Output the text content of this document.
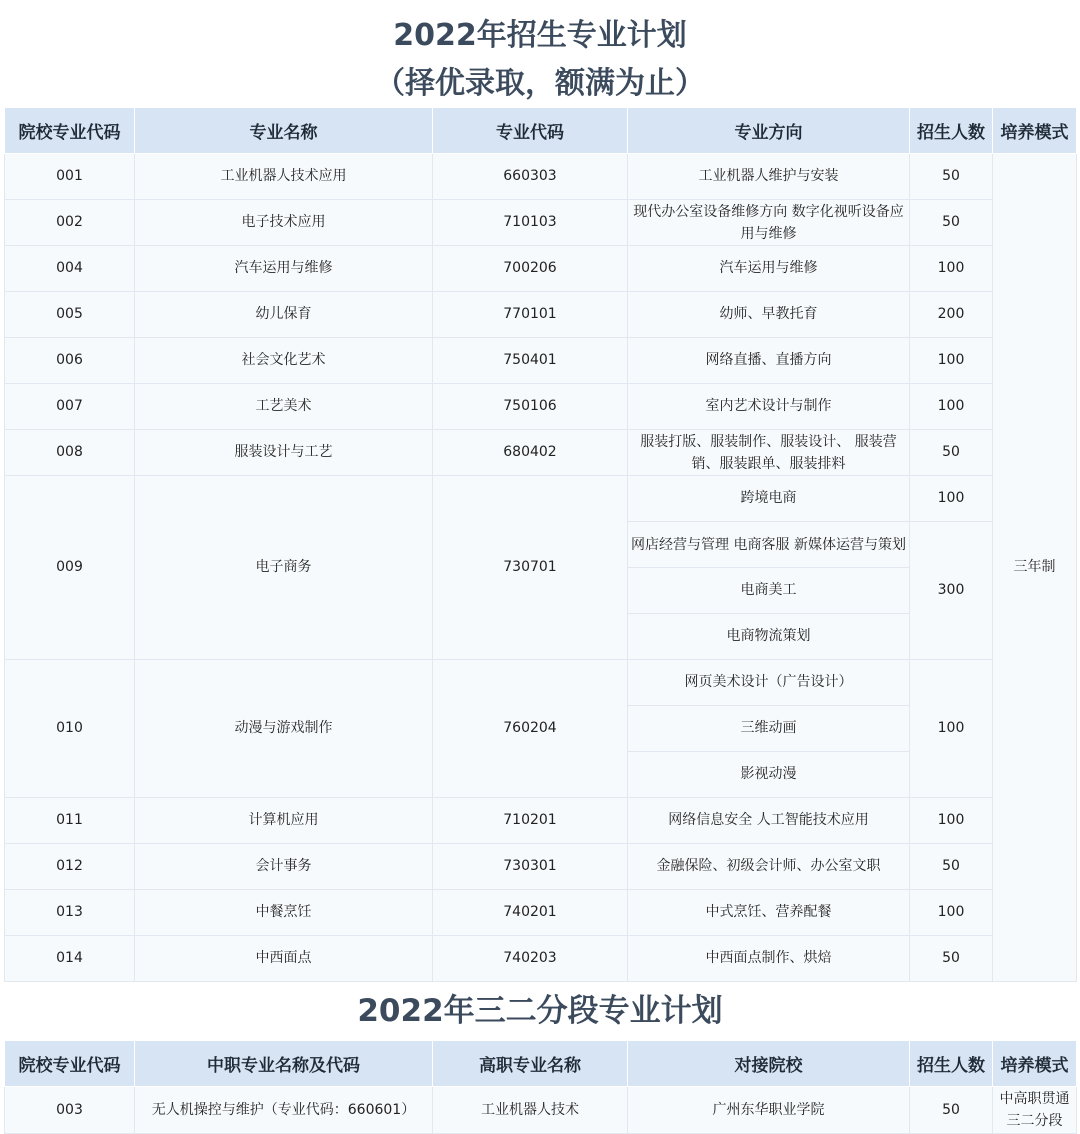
2022年招生专业计划
（择优录取，额满为止）
院校专业代码	专业名称	专业代码	专业方向	招生人数	培养模式
001	工业机器人技术应用	660303	工业机器人维护与安装	50	三年制
002	电子技术应用	710103	现代办公室设备维修方向 数字化视听设备应用与维修	50	
004	汽车运用与维修	700206	汽车运用与维修	100	
005	幼儿保育	770101	幼师、早教托育	200	
006	社会文化艺术	750401	网络直播、直播方向	100	
007	工艺美术	750106	室内艺术设计与制作	100	
008	服装设计与工艺	680402	服装打版、服装制作、服装设计、 服装营销、服装跟单、服装排料	50	
009	电子商务	730701	跨境电商	100	
			网店经营与管理 电商客服 新媒体运营与策划	300	
			电商美工		
			电商物流策划		
010	动漫与游戏制作	760204	网页美术设计（广告设计）	100	
			三维动画		
			影视动漫		
011	计算机应用	710201	网络信息安全 人工智能技术应用	100	
012	会计事务	730301	金融保险、初级会计师、办公室文职	50	
013	中餐烹饪	740201	中式烹饪、营养配餐	100	
014	中西面点	740203	中西面点制作、烘焙	50	
2022年三二分段专业计划
院校专业代码	中职专业名称及代码	高职专业名称	对接院校	招生人数	培养模式
003	无人机操控与维护（专业代码：660601）	工业机器人技术	广州东华职业学院	50	中高职贯通 三二分段
